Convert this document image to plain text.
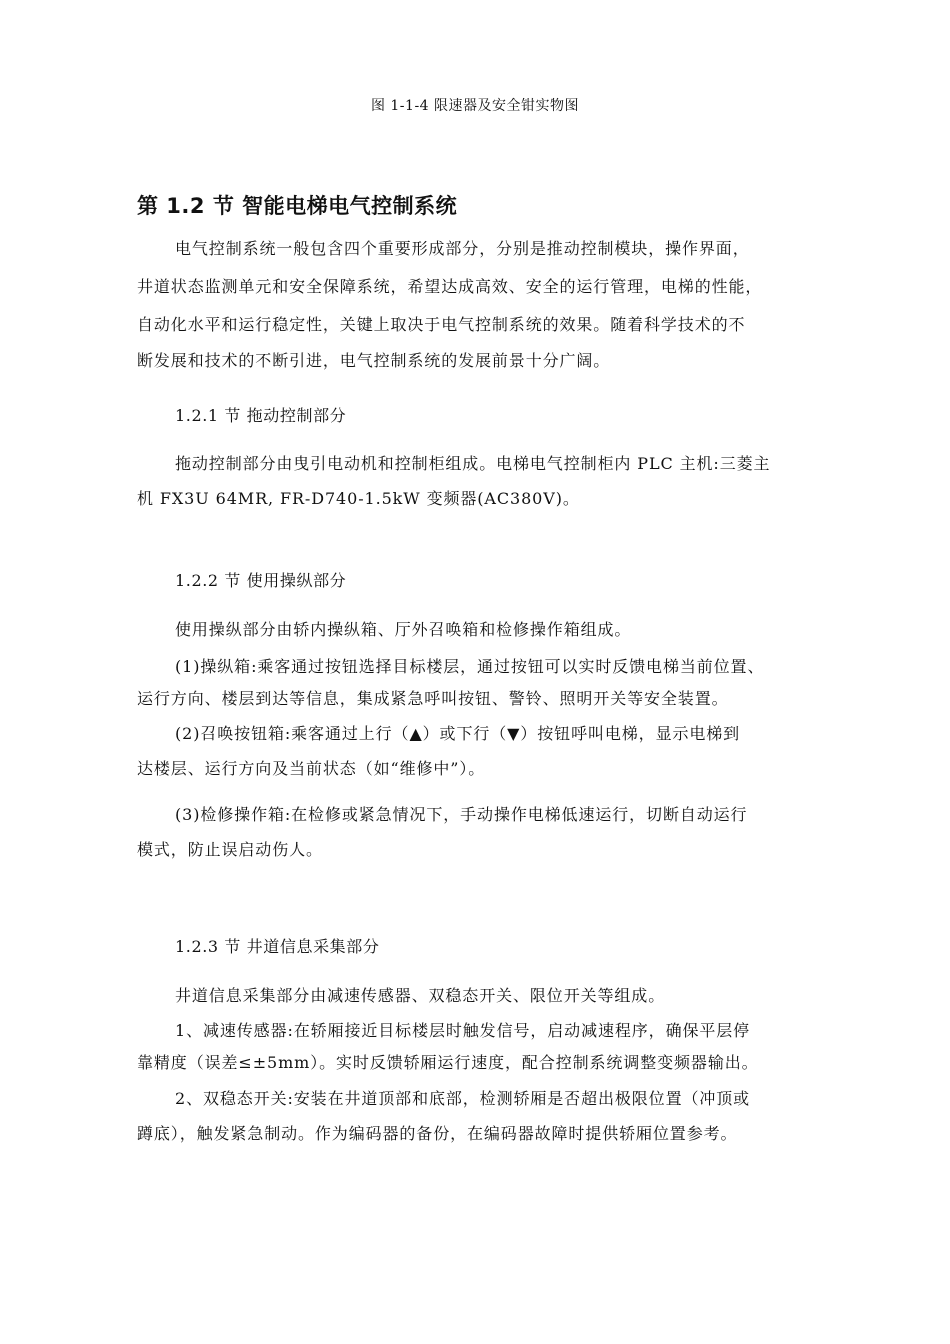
图 1-1-4 限速器及安全钳实物图
第 1.2 节 智能电梯电气控制系统
电气控制系统一般包含四个重要形成部分，分别是推动控制模块，操作界面，
井道状态监测单元和安全保障系统，希望达成高效、安全的运行管理，电梯的性能，
自动化水平和运行稳定性，关键上取决于电气控制系统的效果。随着科学技术的不
断发展和技术的不断引进，电气控制系统的发展前景十分广阔。
1.2.1 节 拖动控制部分
拖动控制部分由曳引电动机和控制柜组成。电梯电气控制柜内 PLC 主机:三菱主
机 FX3U 64MR, FR-D740-1.5kW 变频器(AC380V)。
1.2.2 节 使用操纵部分
使用操纵部分由轿内操纵箱、厅外召唤箱和检修操作箱组成。
(1)操纵箱:乘客通过按钮选择目标楼层，通过按钮可以实时反馈电梯当前位置、
运行方向、楼层到达等信息，集成紧急呼叫按钮、警铃、照明开关等安全装置。
(2)召唤按钮箱:乘客通过上行（▲）或下行（▼）按钮呼叫电梯，显示电梯到
达楼层、运行方向及当前状态（如“维修中”）。
(3)检修操作箱:在检修或紧急情况下，手动操作电梯低速运行，切断自动运行
模式，防止误启动伤人。
1.2.3 节 井道信息采集部分
井道信息采集部分由减速传感器、双稳态开关、限位开关等组成。
1、减速传感器:在轿厢接近目标楼层时触发信号，启动减速程序，确保平层停
靠精度（误差≤±5mm）。实时反馈轿厢运行速度，配合控制系统调整变频器输出。
2、双稳态开关:安装在井道顶部和底部，检测轿厢是否超出极限位置（冲顶或
蹲底），触发紧急制动。作为编码器的备份，在编码器故障时提供轿厢位置参考。
